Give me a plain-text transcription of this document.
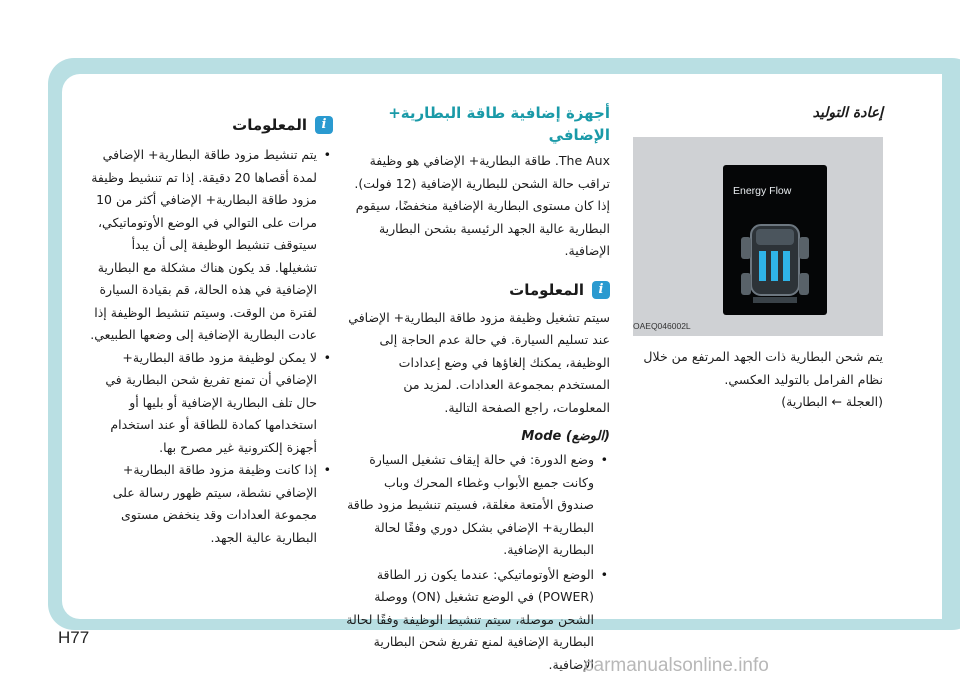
إعادة التوليد

Energy Flow
OAEQ046002L

يتم شحن البطارية ذات الجهد المرتفع من خلال نظام الفرامل بالتوليد العكسي.

(العجلة ← البطارية)

أجهزة إضافية طاقة البطارية+ الإضافي

The Aux. طاقة البطارية+ الإضافي هو وظيفة تراقب حالة الشحن للبطارية الإضافية (12 فولت). إذا كان مستوى البطارية الإضافية منخفضًا، سيقوم البطارية عالية الجهد الرئيسية بشحن البطارية الإضافية.

i
المعلومات

سيتم تشغيل وظيفة مزود طاقة البطارية+ الإضافي عند تسليم السيارة. في حالة عدم الحاجة إلى الوظيفة، يمكنك إلغاؤها في وضع إعدادات المستخدم بمجموعة العدادات. لمزيد من المعلومات، راجع الصفحة التالية.

(الوضع) Mode

• وضع الدورة: في حالة إيقاف تشغيل السيارة وكانت جميع الأبواب وغطاء المحرك وباب صندوق الأمتعة مغلقة، فسيتم تنشيط مزود طاقة البطارية+ الإضافي بشكل دوري وفقًا لحالة البطارية الإضافية.
• الوضع الأوتوماتيكي: عندما يكون زر الطاقة (POWER) في الوضع تشغيل (ON) ووصلة الشحن موصلة، سيتم تنشيط الوظيفة وفقًا لحالة البطارية الإضافية لمنع تفريغ شحن البطارية الإضافية.
i
المعلومات
• يتم تنشيط مزود طاقة البطارية+ الإضافي لمدة أقصاها 20 دقيقة. إذا تم تنشيط وظيفة مزود طاقة البطارية+ الإضافي أكثر من 10 مرات على التوالي في الوضع الأوتوماتيكي، سيتوقف تنشيط الوظيفة إلى أن يبدأ تشغيلها. قد يكون هناك مشكلة مع البطارية الإضافية في هذه الحالة، قم بقيادة السيارة لفترة من الوقت. وسيتم تنشيط الوظيفة إذا عادت البطارية الإضافية إلى وضعها الطبيعي.
• لا يمكن لوظيفة مزود طاقة البطارية+ الإضافي أن تمنع تفريغ شحن البطارية في حال تلف البطارية الإضافية أو بليها أو استخدامها كمادة للطاقة أو عند استخدام أجهزة إلكترونية غير مصرح بها.
• إذا كانت وظيفة مزود طاقة البطارية+ الإضافي نشطة، سيتم ظهور رسالة على مجموعة العدادات وقد ينخفض مستوى البطارية عالية الجهد.
H77
carmanualsonline.info
